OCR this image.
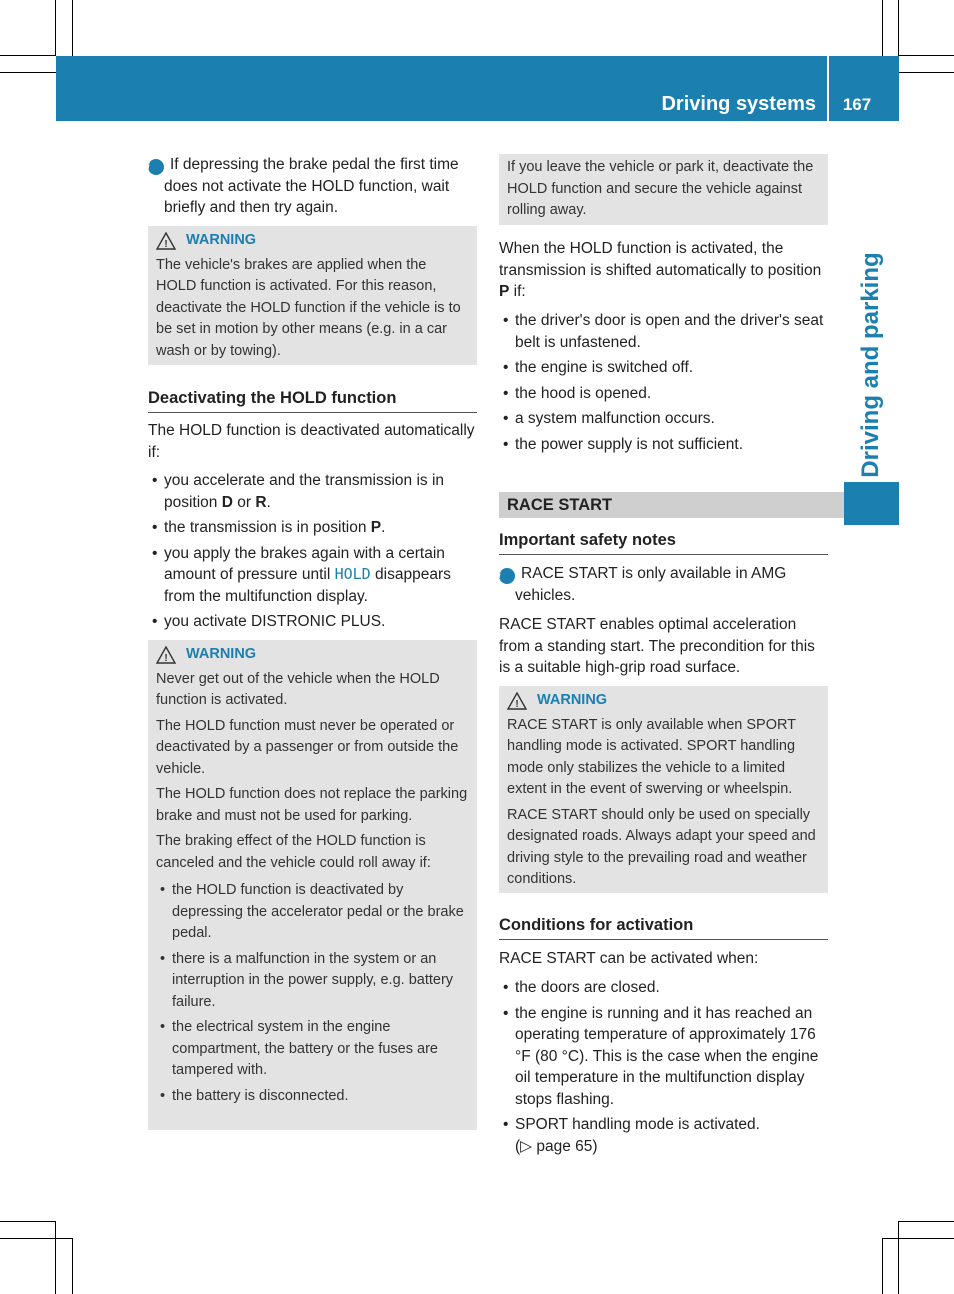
Driving systems	167
Driving and parking

i If depressing the brake pedal the first time does not activate the HOLD function, wait briefly and then try again.

! WARNING

The vehicle's brakes are applied when the HOLD function is activated. For this reason, deactivate the HOLD function if the vehicle is to be set in motion by other means (e.g. in a car wash or by towing).

Deactivating the HOLD function

The HOLD function is deactivated automatically if:

• you accelerate and the transmission is in position D or R.
• the transmission is in position P.
• you apply the brakes again with a certain amount of pressure until HOLD disappears from the multifunction display.
• you activate DISTRONIC PLUS.
! WARNING

Never get out of the vehicle when the HOLD function is activated.

The HOLD function must never be operated or deactivated by a passenger or from outside the vehicle.

The HOLD function does not replace the parking brake and must not be used for parking.

The braking effect of the HOLD function is canceled and the vehicle could roll away if:

• the HOLD function is deactivated by depressing the accelerator pedal or the brake pedal.
• there is a malfunction in the system or an interruption in the power supply, e.g. battery failure.
• the electrical system in the engine compartment, the battery or the fuses are tampered with.
• the battery is disconnected.

If you leave the vehicle or park it, deactivate the HOLD function and secure the vehicle against rolling away.

When the HOLD function is activated, the transmission is shifted automatically to position P if:

• the driver's door is open and the driver's seat belt is unfastened.
• the engine is switched off.
• the hood is opened.
• a system malfunction occurs.
• the power supply is not sufficient.
RACE START
Important safety notes

i RACE START is only available in AMG vehicles.

RACE START enables optimal acceleration from a standing start. The precondition for this is a suitable high-grip road surface.

! WARNING

RACE START is only available when SPORT handling mode is activated. SPORT handling mode only stabilizes the vehicle to a limited extent in the event of swerving or wheelspin.

RACE START should only be used on specially designated roads. Always adapt your speed and driving style to the prevailing road and weather conditions.

Conditions for activation

RACE START can be activated when:

• the doors are closed.
• the engine is running and it has reached an operating temperature of approximately 176 °F (80 °C). This is the case when the engine oil temperature in the multifunction display stops flashing.
• SPORT handling mode is activated.
(▷ page 65)
